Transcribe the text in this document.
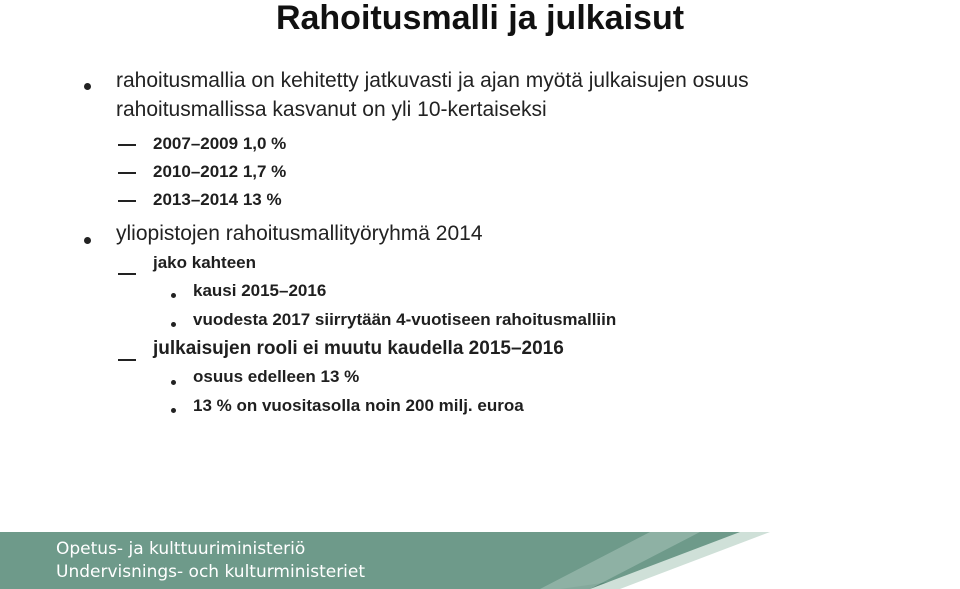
Rahoitusmalli ja julkaisut
rahoitusmallia on kehitetty jatkuvasti ja ajan myötä julkaisujen osuus
rahoitusmallissa kasvanut on yli 10-kertaiseksi
2007–2009 1,0 %
2010–2012 1,7 %
2013–2014 13 %
yliopistojen rahoitusmallityöryhmä 2014
jako kahteen
kausi 2015–2016
vuodesta 2017 siirrytään 4-vuotiseen rahoitusmalliin
julkaisujen rooli ei muutu kaudella 2015–2016
osuus edelleen 13 %
13 % on vuositasolla noin 200 milj. euroa
Opetus- ja kulttuuriministeriö
Undervisnings- och kulturministeriet
